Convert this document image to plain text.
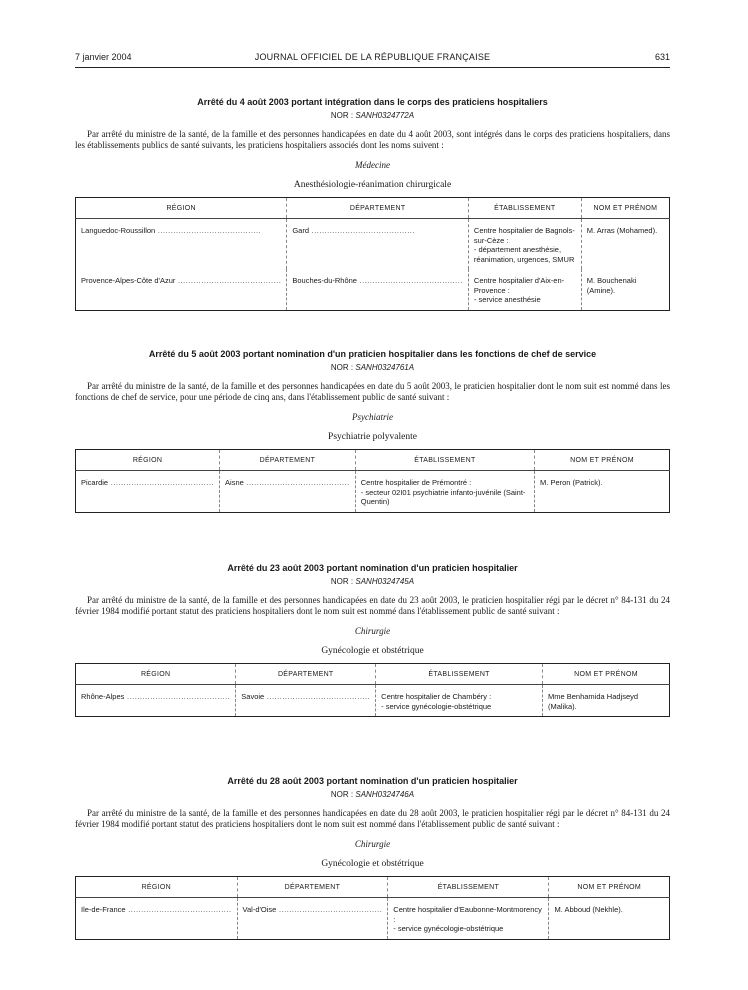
7 janvier 2004	JOURNAL OFFICIEL DE LA RÉPUBLIQUE FRANÇAISE	631
Arrêté du 4 août 2003 portant intégration dans le corps des praticiens hospitaliers
NOR : SANH0324772A
Par arrêté du ministre de la santé, de la famille et des personnes handicapées en date du 4 août 2003, sont intégrés dans le corps des praticiens hospitaliers, dans les établissements publics de santé suivants, les praticiens hospitaliers associés dont les noms suivent :
Médecine
Anesthésiologie-réanimation chirurgicale
RÉGION	DÉPARTEMENT	ÉTABLISSEMENT	NOM ET PRÉNOM
Languedoc-Roussillon .....	Gard .....	Centre hospitalier de Bagnols-sur-Cèze :
- département anesthésie, réanimation, urgences, SMUR	M. Arras (Mohamed).
Provence-Alpes-Côte d'Azur .....	Bouches-du-Rhône .....	Centre hospitalier d'Aix-en-Provence :
- service anesthésie	M. Bouchenaki (Amine).
Arrêté du 5 août 2003 portant nomination d'un praticien hospitalier dans les fonctions de chef de service
NOR : SANH0324761A
Par arrêté du ministre de la santé, de la famille et des personnes handicapées en date du 5 août 2003, le praticien hospitalier dont le nom suit est nommé dans les fonctions de chef de service, pour une période de cinq ans, dans l'établissement public de santé suivant :
Psychiatrie
Psychiatrie polyvalente
RÉGION	DÉPARTEMENT	ÉTABLISSEMENT	NOM ET PRÉNOM
Picardie .....	Aisne .....	Centre hospitalier de Prémontré :
- secteur 02I01 psychiatrie infanto-juvénile (Saint-Quentin)	M. Peron (Patrick).
Arrêté du 23 août 2003 portant nomination d'un praticien hospitalier
NOR : SANH0324745A
Par arrêté du ministre de la santé, de la famille et des personnes handicapées en date du 23 août 2003, le praticien hospitalier régi par le décret n° 84-131 du 24 février 1984 modifié portant statut des praticiens hospitaliers dont le nom suit est nommé dans l'établissement public de santé suivant :
Chirurgie
Gynécologie et obstétrique
RÉGION	DÉPARTEMENT	ÉTABLISSEMENT	NOM ET PRÉNOM
Rhône-Alpes .....	Savoie .....	Centre hospitalier de Chambéry :
- service gynécologie-obstétrique	Mme Benhamida Hadjseyd (Malika).
Arrêté du 28 août 2003 portant nomination d'un praticien hospitalier
NOR : SANH0324746A
Par arrêté du ministre de la santé, de la famille et des personnes handicapées en date du 28 août 2003, le praticien hospitalier régi par le décret n° 84-131 du 24 février 1984 modifié portant statut des praticiens hospitaliers dont le nom suit est nommé dans l'établissement public de santé suivant :
Chirurgie
Gynécologie et obstétrique
RÉGION	DÉPARTEMENT	ÉTABLISSEMENT	NOM ET PRÉNOM
Ile-de-France .....	Val-d'Oise .....	Centre hospitalier d'Eaubonne-Montmorency :
- service gynécologie-obstétrique	M. Abboud (Nekhle).
